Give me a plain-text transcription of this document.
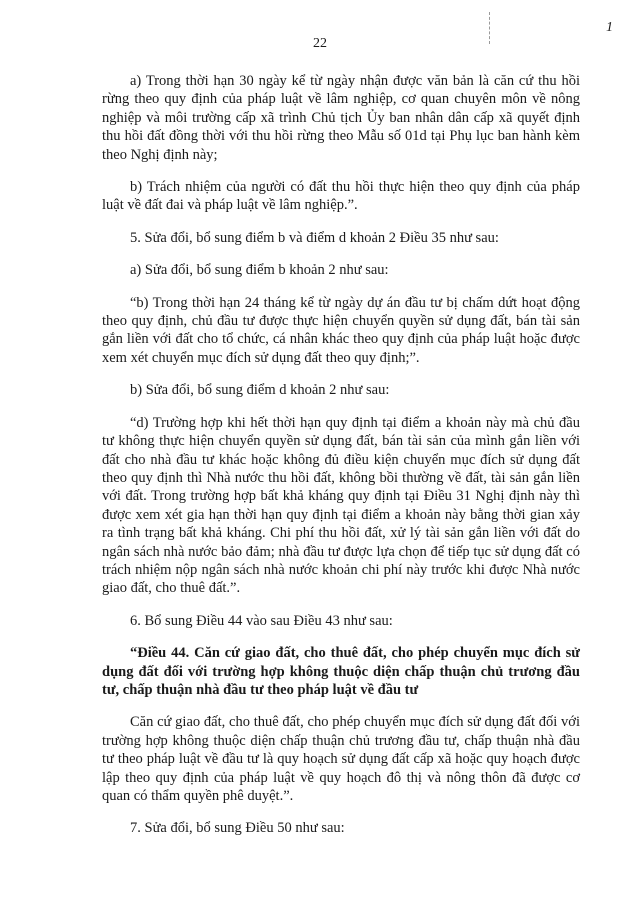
1
22

a) Trong thời hạn 30 ngày kể từ ngày nhận được văn bản là căn cứ thu hồi rừng theo quy định của pháp luật về lâm nghiệp, cơ quan chuyên môn về nông nghiệp và môi trường cấp xã trình Chủ tịch Ủy ban nhân dân cấp xã quyết định thu hồi đất đồng thời với thu hồi rừng theo Mẫu số 01d tại Phụ lục ban hành kèm theo Nghị định này;

b) Trách nhiệm của người có đất thu hồi thực hiện theo quy định của pháp luật về đất đai và pháp luật về lâm nghiệp.”.

5. Sửa đổi, bổ sung điểm b và điểm d khoản 2 Điều 35 như sau:

a) Sửa đổi, bổ sung điểm b khoản 2 như sau:

“b) Trong thời hạn 24 tháng kể từ ngày dự án đầu tư bị chấm dứt hoạt động theo quy định, chủ đầu tư được thực hiện chuyển quyền sử dụng đất, bán tài sản gắn liền với đất cho tổ chức, cá nhân khác theo quy định của pháp luật hoặc được xem xét chuyển mục đích sử dụng đất theo quy định;”.

b) Sửa đổi, bổ sung điểm d khoản 2 như sau:

“d) Trường hợp khi hết thời hạn quy định tại điểm a khoản này mà chủ đầu tư không thực hiện chuyển quyền sử dụng đất, bán tài sản của mình gắn liền với đất cho nhà đầu tư khác hoặc không đủ điều kiện chuyển mục đích sử dụng đất theo quy định thì Nhà nước thu hồi đất, không bồi thường về đất, tài sản gắn liền với đất. Trong trường hợp bất khả kháng quy định tại Điều 31 Nghị định này thì được xem xét gia hạn thời hạn quy định tại điểm a khoản này bằng thời gian xảy ra tình trạng bất khả kháng. Chi phí thu hồi đất, xử lý tài sản gắn liền với đất do ngân sách nhà nước bảo đảm; nhà đầu tư được lựa chọn để tiếp tục sử dụng đất có trách nhiệm nộp ngân sách nhà nước khoản chi phí này trước khi được Nhà nước giao đất, cho thuê đất.”.

6. Bổ sung Điều 44 vào sau Điều 43 như sau:

“Điều 44. Căn cứ giao đất, cho thuê đất, cho phép chuyển mục đích sử dụng đất đối với trường hợp không thuộc diện chấp thuận chủ trương đầu tư, chấp thuận nhà đầu tư theo pháp luật về đầu tư

Căn cứ giao đất, cho thuê đất, cho phép chuyển mục đích sử dụng đất đối với trường hợp không thuộc diện chấp thuận chủ trương đầu tư, chấp thuận nhà đầu tư theo pháp luật về đầu tư là quy hoạch sử dụng đất cấp xã hoặc quy hoạch được lập theo quy định của pháp luật về quy hoạch đô thị và nông thôn đã được cơ quan có thẩm quyền phê duyệt.”.

7. Sửa đổi, bổ sung Điều 50 như sau:
